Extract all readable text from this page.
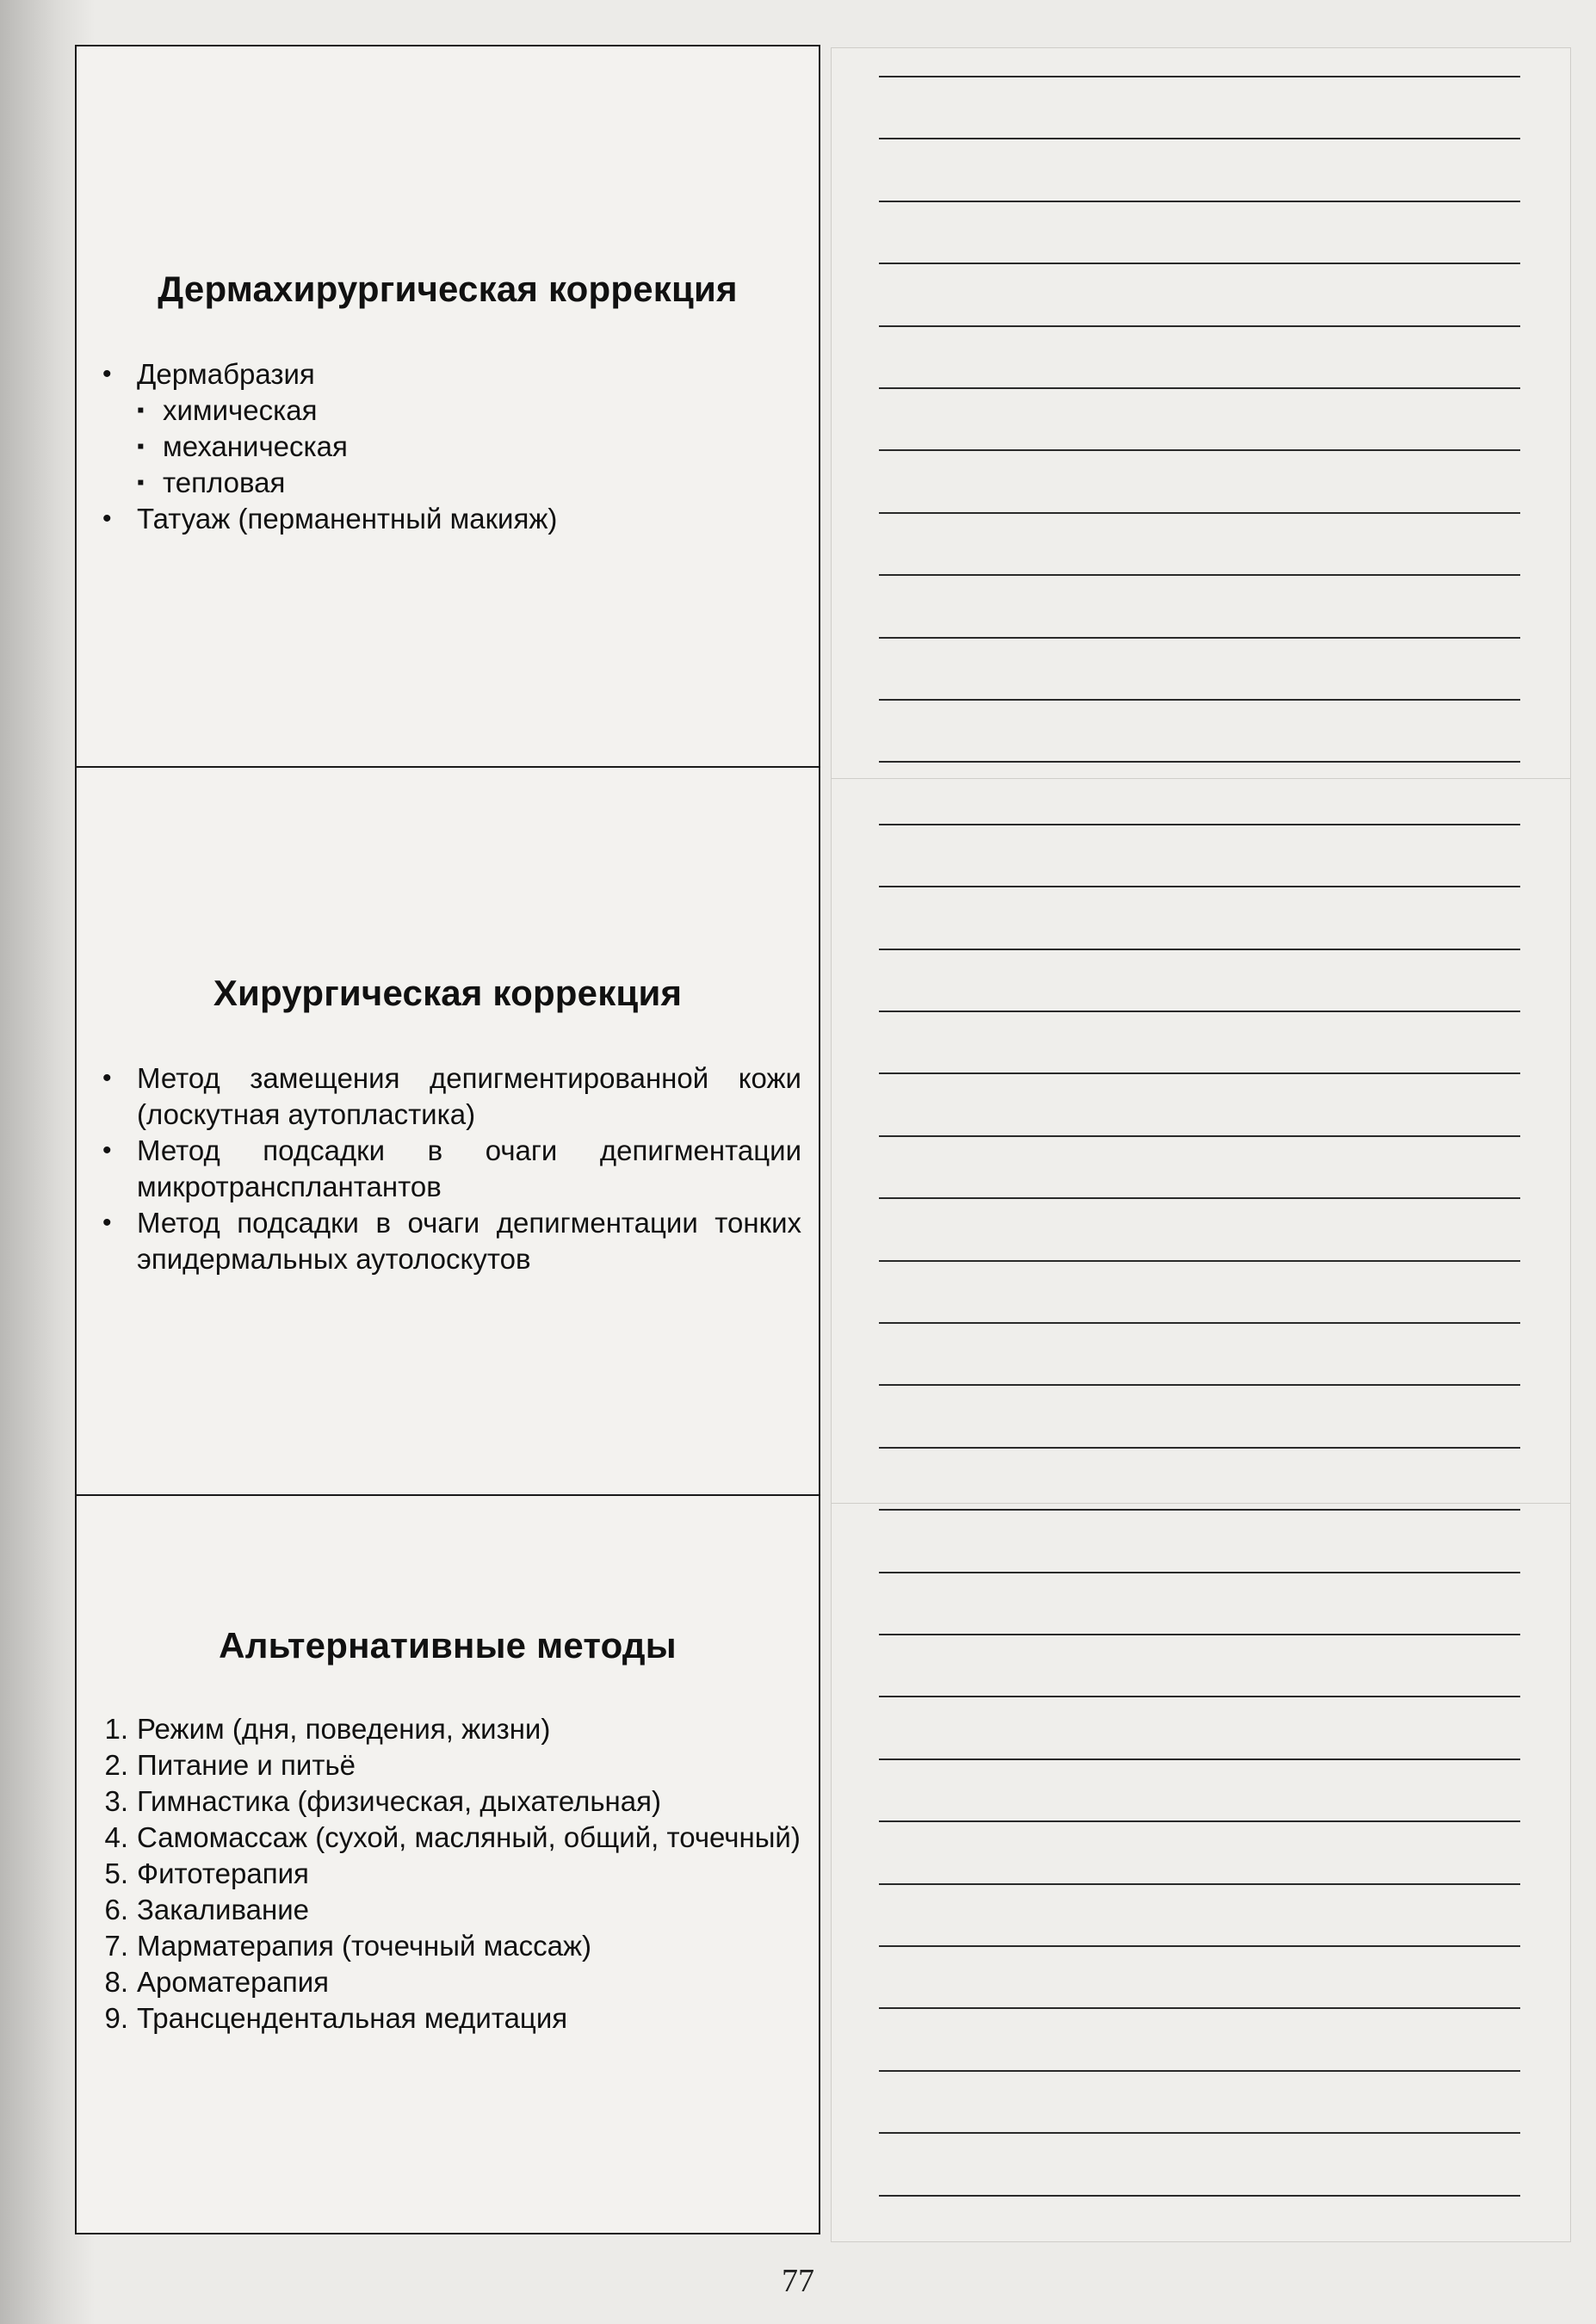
Дермахирургическая коррекция
• Дермабразия
▪ химическая
▪ механическая
▪ тепловая
• Татуаж (перманентный макияж)
Хирургическая коррекция
• Метод замещения депигментированной кожи (лоскутная аутопластика)
• Метод подсадки в очаги депигментации микротрансплантантов
• Метод подсадки в очаги депигментации тонких эпидермальных аутолоскутов
Альтернативные методы
1. Режим (дня, поведения, жизни)
2. Питание и питьё
3. Гимнастика (физическая, дыхательная)
4. Самомассаж (сухой, масляный, общий, точечный)
5. Фитотерапия
6. Закаливание
7. Марматерапия (точечный массаж)
8. Ароматерапия
9. Трансцендентальная медитация
77
